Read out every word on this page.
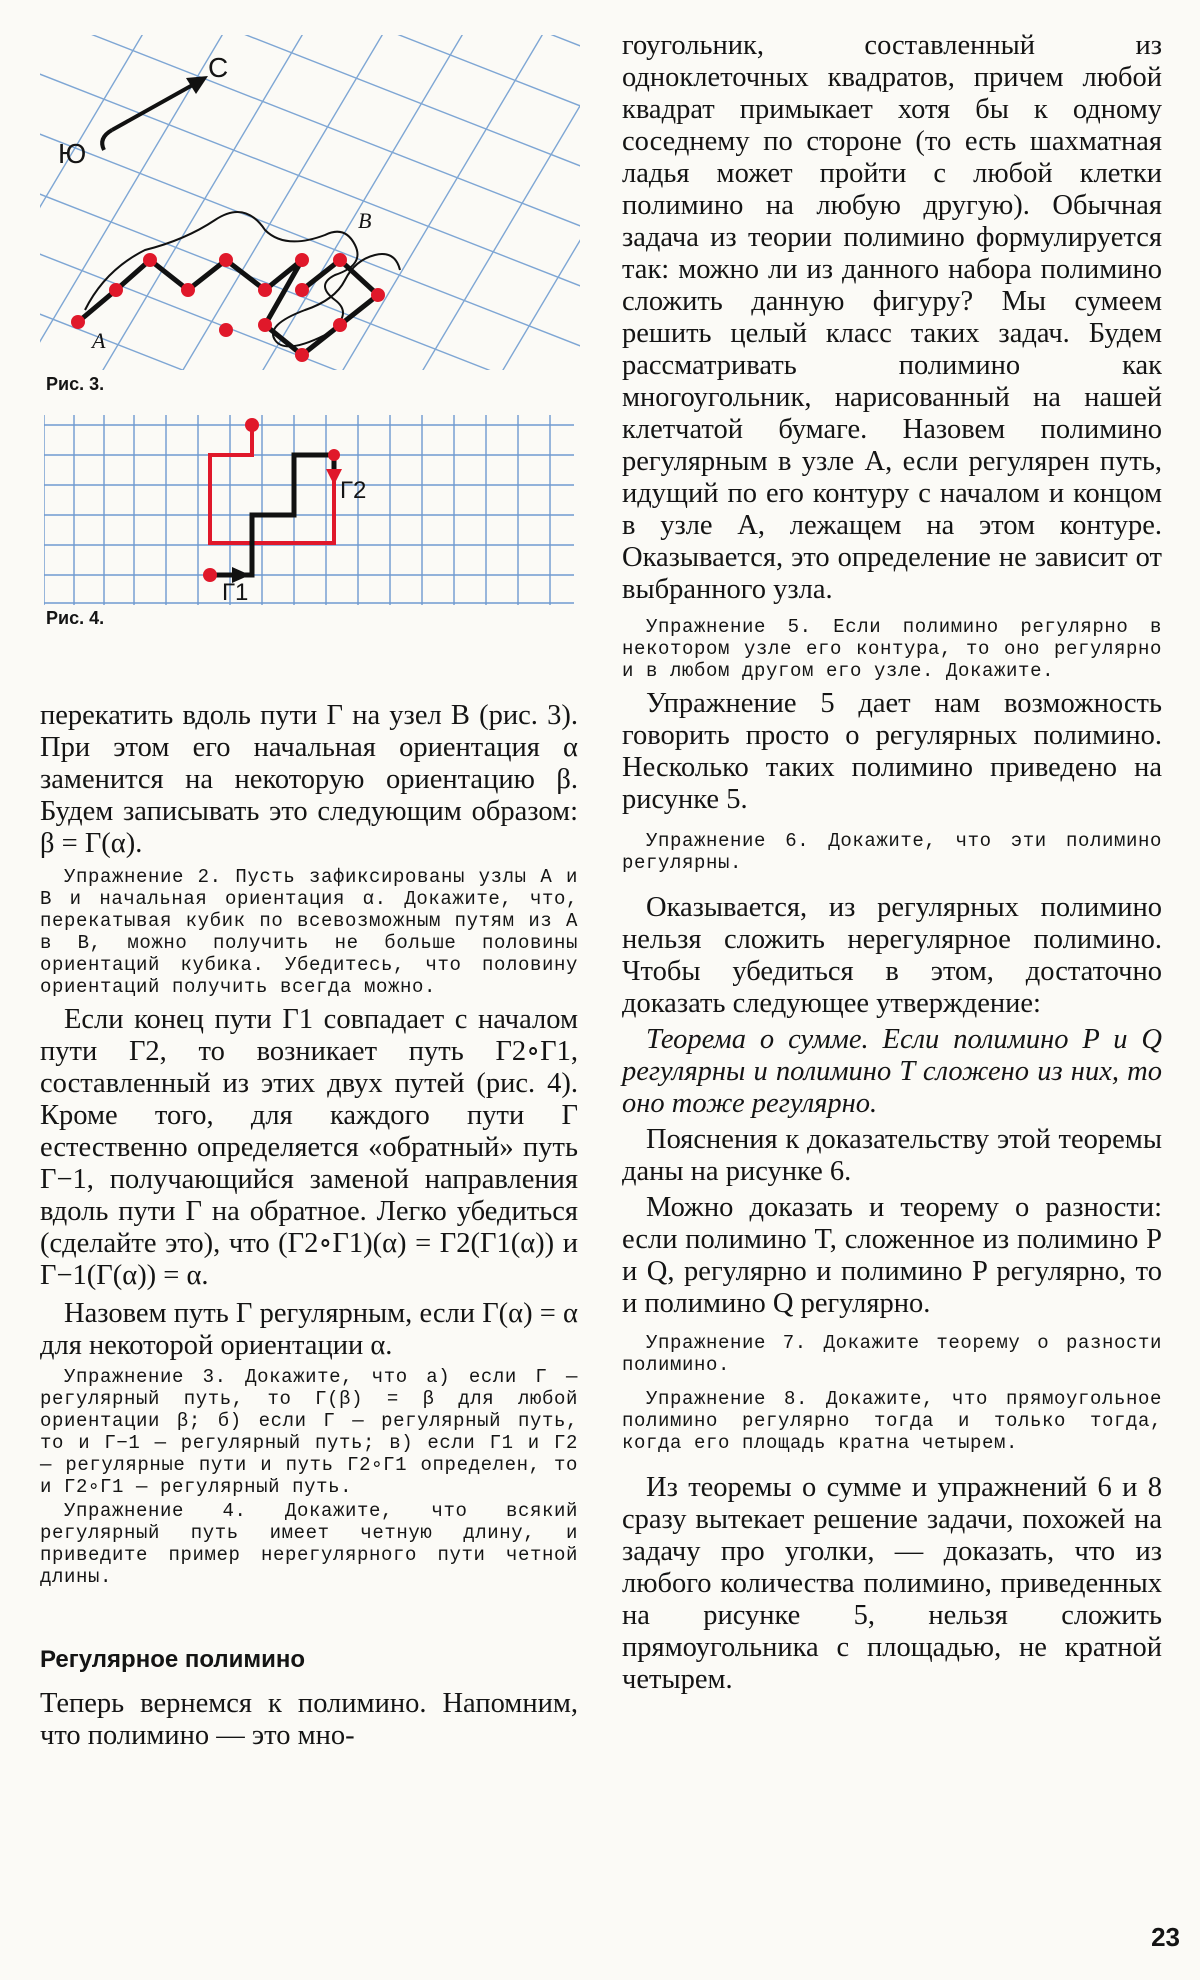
С
Ю
A
B
Рис. 3.
Г1
Г2
Рис. 4.

перекатить вдоль пути Г на узел B (рис. 3). При этом его начальная ориентация α заменится на некоторую ориентацию β. Будем записывать это следующим образом: β = Г(α).

Упражнение 2. Пусть зафиксированы узлы A и B и начальная ориентация α. Докажите, что, перекатывая кубик по всевозможным путям из A в B, можно получить не больше половины ориентаций кубика. Убедитесь, что половину ориентаций получить всегда можно.

Если конец пути Г1 совпадает с началом пути Г2, то возникает путь Г2∘Г1, составленный из этих двух путей (рис. 4). Кроме того, для каждого пути Г естественно определяется «обратный» путь Г−1, получающийся заменой направления вдоль пути Г на обратное. Легко убедиться (сделайте это), что (Г2∘Г1)(α) = Г2(Г1(α)) и Г−1(Г(α)) = α.

Назовем путь Г регулярным, если Г(α) = α для некоторой ориентации α.

Упражнение 3. Докажите, что а) если Г — регулярный путь, то Г(β) = β для любой ориентации β; б) если Г — регулярный путь, то и Г−1 — регулярный путь; в) если Г1 и Г2 — регулярные пути и путь Г2∘Г1 определен, то и Г2∘Г1 — регулярный путь.

Упражнение 4. Докажите, что всякий регулярный путь имеет четную длину, и приведите пример нерегулярного пути четной длины.

Регулярное полимино

Теперь вернемся к полимино. Напомним, что полимино — это мно-

гоугольник, составленный из одноклеточных квадратов, причем любой квадрат примыкает хотя бы к одному соседнему по стороне (то есть шахматная ладья может пройти с любой клетки полимино на любую другую). Обычная задача из теории полимино формулируется так: можно ли из данного набора полимино сложить данную фигуру? Мы сумеем решить целый класс таких задач. Будем рассматривать полимино как многоугольник, нарисованный на нашей клетчатой бумаге. Назовем полимино регулярным в узле A, если регулярен путь, идущий по его контуру с началом и концом в узле A, лежащем на этом контуре. Оказывается, это определение не зависит от выбранного узла.

Упражнение 5. Если полимино регулярно в некотором узле его контура, то оно регулярно и в любом другом его узле. Докажите.

Упражнение 5 дает нам возможность говорить просто о регулярных полимино. Несколько таких полимино приведено на рисунке 5.

Упражнение 6. Докажите, что эти полимино регулярны.

Оказывается, из регулярных полимино нельзя сложить нерегулярное полимино. Чтобы убедиться в этом, достаточно доказать следующее утверждение:

Теорема о сумме. Если полимино P и Q регулярны и полимино T сложено из них, то оно тоже регулярно.

Пояснения к доказательству этой теоремы даны на рисунке 6.

Можно доказать и теорему о разности: если полимино T, сложенное из полимино P и Q, регулярно и полимино P регулярно, то и полимино Q регулярно.

Упражнение 7. Докажите теорему о разности полимино.

Упражнение 8. Докажите, что прямоугольное полимино регулярно тогда и только тогда, когда его площадь кратна четырем.

Из теоремы о сумме и упражнений 6 и 8 сразу вытекает решение задачи, похожей на задачу про уголки, — доказать, что из любого количества полимино, приведенных на рисунке 5, нельзя сложить прямоугольника с площадью, не кратной четырем.

23
